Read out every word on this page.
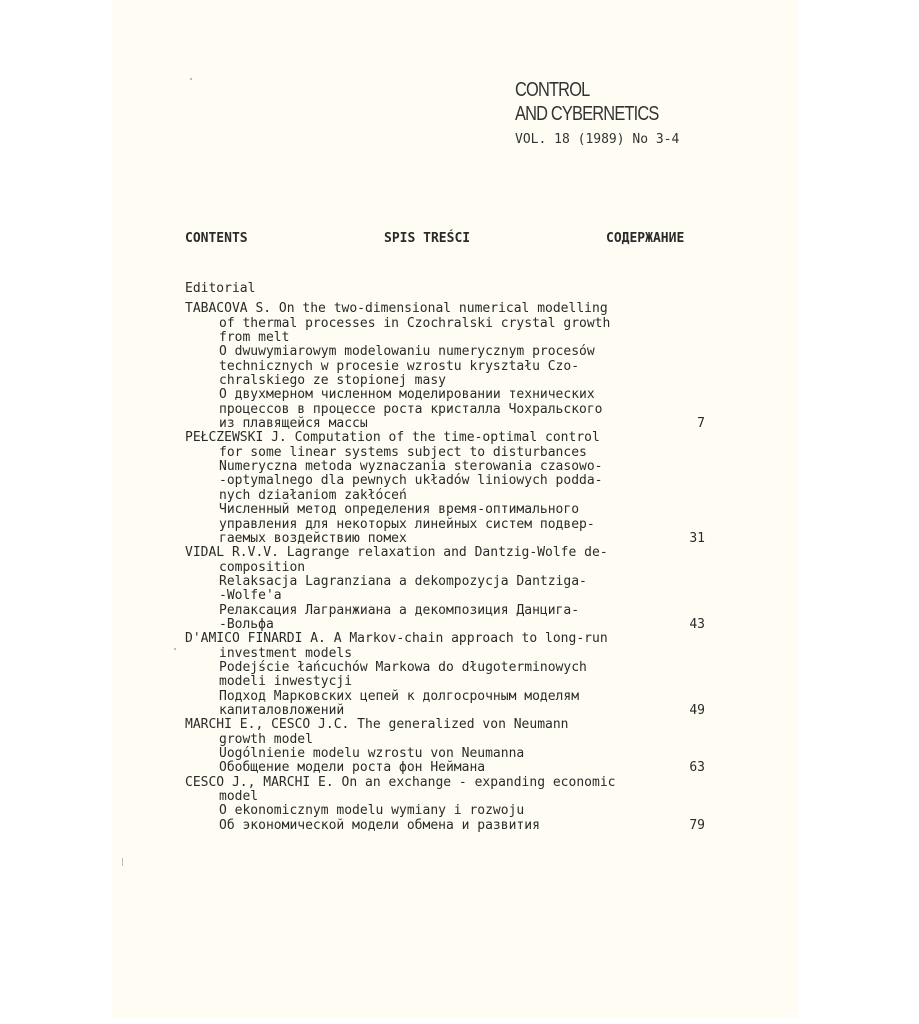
CONTROL
AND CYBERNETICS
VOL. 18 (1989) No 3-4
CONTENTS	SPIS TREŚCI	СОДЕРЖАНИЕ
Editorial
TABACOVA S. On the two-dimensional numerical modelling
of thermal processes in Czochralski crystal growth
from melt
O dwuwymiarowym modelowaniu numerycznym procesów
technicznych w procesie wzrostu kryształu Czo-
chralskiego ze stopionej masy
О двухмерном численном моделировании технических
процессов в процессе роста кристалла Чохральского
из плавящейся массы	7
PEŁCZEWSKI J. Computation of the time-optimal control
for some linear systems subject to disturbances
Numeryczna metoda wyznaczania sterowania czasowo-
-optymalnego dla pewnych układów liniowych podda-
nych działaniom zakłóceń
Численный метод определения время-оптимального
управления для некоторых линейных систем подвер-
гаемых воздействию помех	31
VIDAL R.V.V. Lagrange relaxation and Dantzig-Wolfe de-
composition
Relaksacja Lagranziana a dekompozycja Dantziga-
-Wolfe'a
Релаксация Лагранжиана а декомпозиция Данцига-
-Вольфа	43
D'AMICO FINARDI A. A Markov-chain approach to long-run
investment models
Podejście łańcuchów Markowa do długoterminowych
modeli inwestycji
Подход Марковских цепей к долгосрочным моделям
капиталовложений	49
MARCHI E., CESCO J.C. The generalized von Neumann
growth model
Uogólnienie modelu wzrostu von Neumanna
Обобщение модели роста фон Неймана	63
CESCO J., MARCHI E. On an exchange - expanding economic
model
O ekonomicznym modelu wymiany i rozwoju
Об экономической модели обмена и развития	79
